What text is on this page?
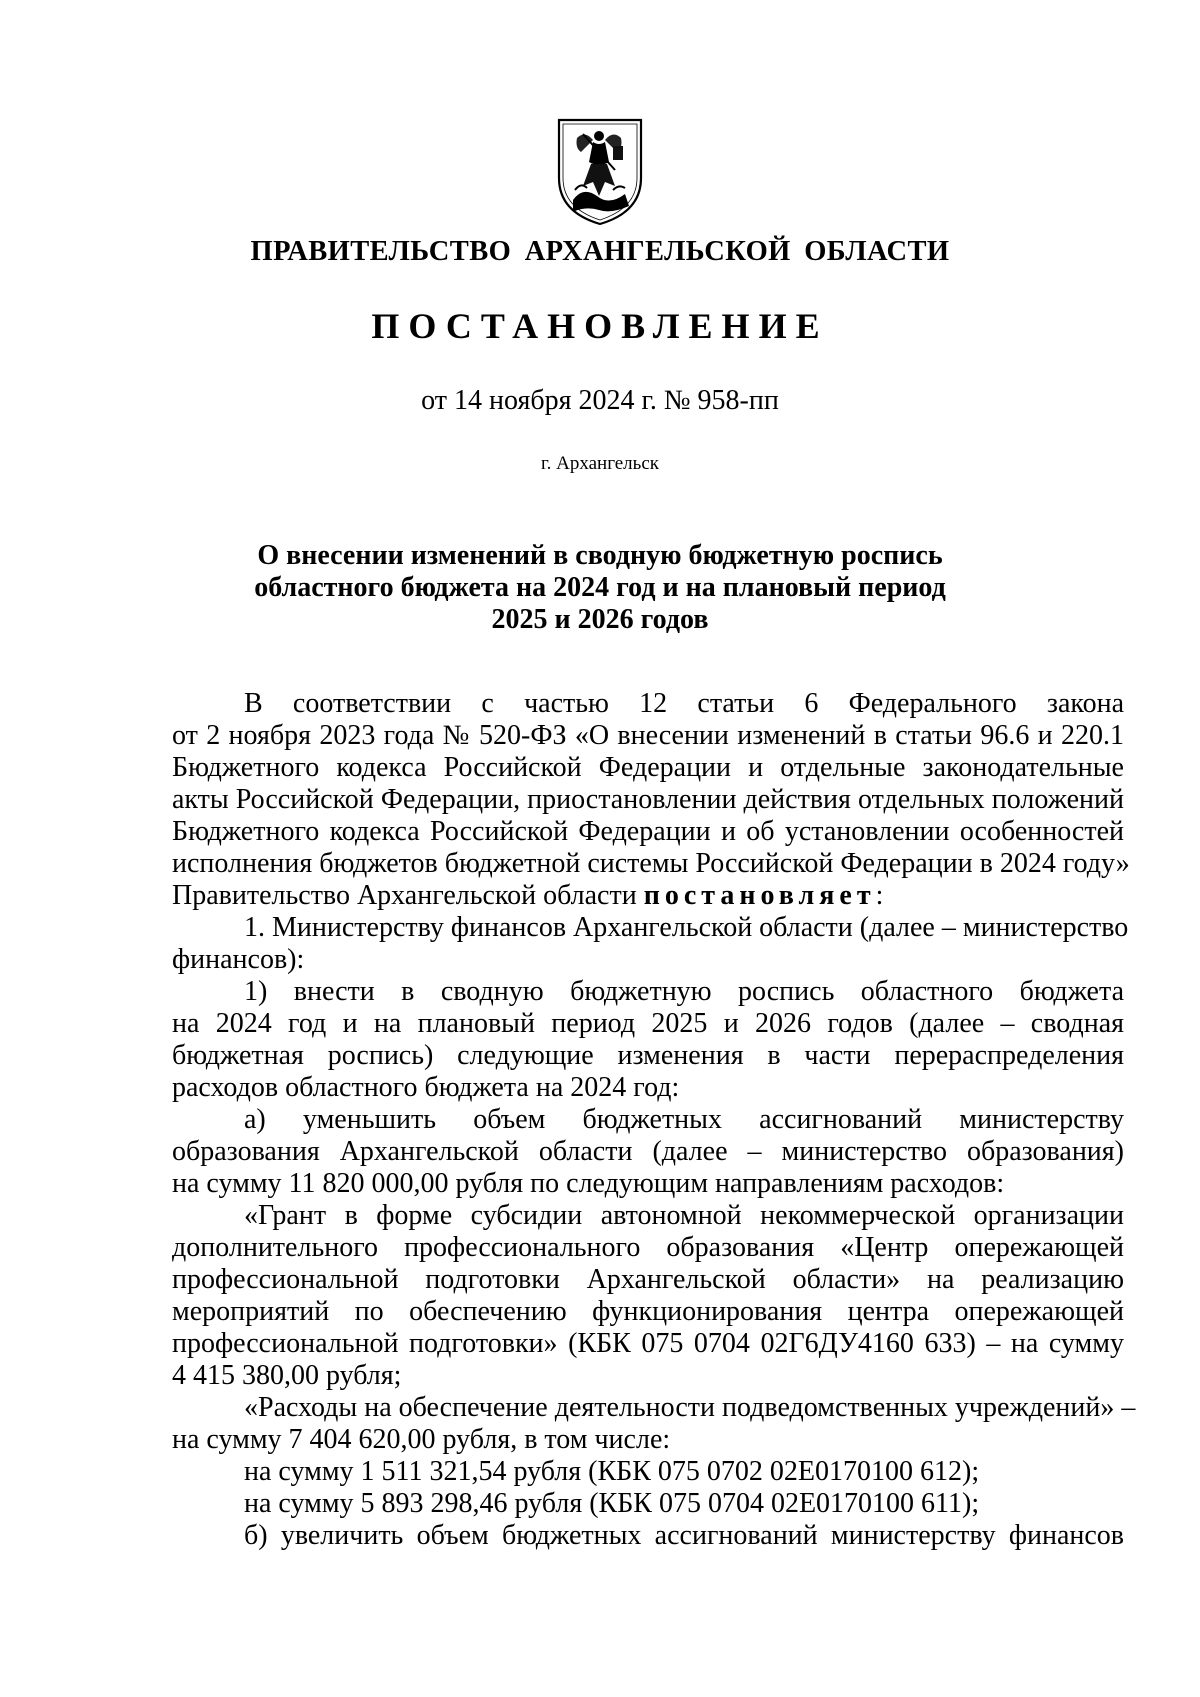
ПРАВИТЕЛЬСТВО АРХАНГЕЛЬСКОЙ ОБЛАСТИ
ПОСТАНОВЛЕНИЕ
от 14 ноября 2024 г. № 958-пп
г. Архангельск
О внесении изменений в сводную бюджетную роспись
областного бюджета на 2024 год и на плановый период
2025 и 2026 годов
В соответствии с частью 12 статьи 6 Федерального закона
от 2 ноября 2023 года № 520-ФЗ «О внесении изменений в статьи 96.6 и 220.1
Бюджетного кодекса Российской Федерации и отдельные законодательные
акты Российской Федерации, приостановлении действия отдельных положений
Бюджетного кодекса Российской Федерации и об установлении особенностей
исполнения бюджетов бюджетной системы Российской Федерации в 2024 году»
Правительство Архангельской области постановляет:
1. Министерству финансов Архангельской области (далее – министерство
финансов):
1) внести в сводную бюджетную роспись областного бюджета
на 2024 год и на плановый период 2025 и 2026 годов (далее – сводная
бюджетная роспись) следующие изменения в части перераспределения
расходов областного бюджета на 2024 год:
а) уменьшить объем бюджетных ассигнований министерству
образования Архангельской области (далее – министерство образования)
на сумму 11 820 000,00 рубля по следующим направлениям расходов:
«Грант в форме субсидии автономной некоммерческой организации
дополнительного профессионального образования «Центр опережающей
профессиональной подготовки Архангельской области» на реализацию
мероприятий по обеспечению функционирования центра опережающей
профессиональной подготовки» (КБК 075 0704 02Г6ДУ4160 633) – на сумму
4 415 380,00 рубля;
«Расходы на обеспечение деятельности подведомственных учреждений» –
на сумму 7 404 620,00 рубля, в том числе:
на сумму 1 511 321,54 рубля (КБК 075 0702 02Е0170100 612);
на сумму 5 893 298,46 рубля (КБК 075 0704 02Е0170100 611);
б) увеличить объем бюджетных ассигнований министерству финансов
